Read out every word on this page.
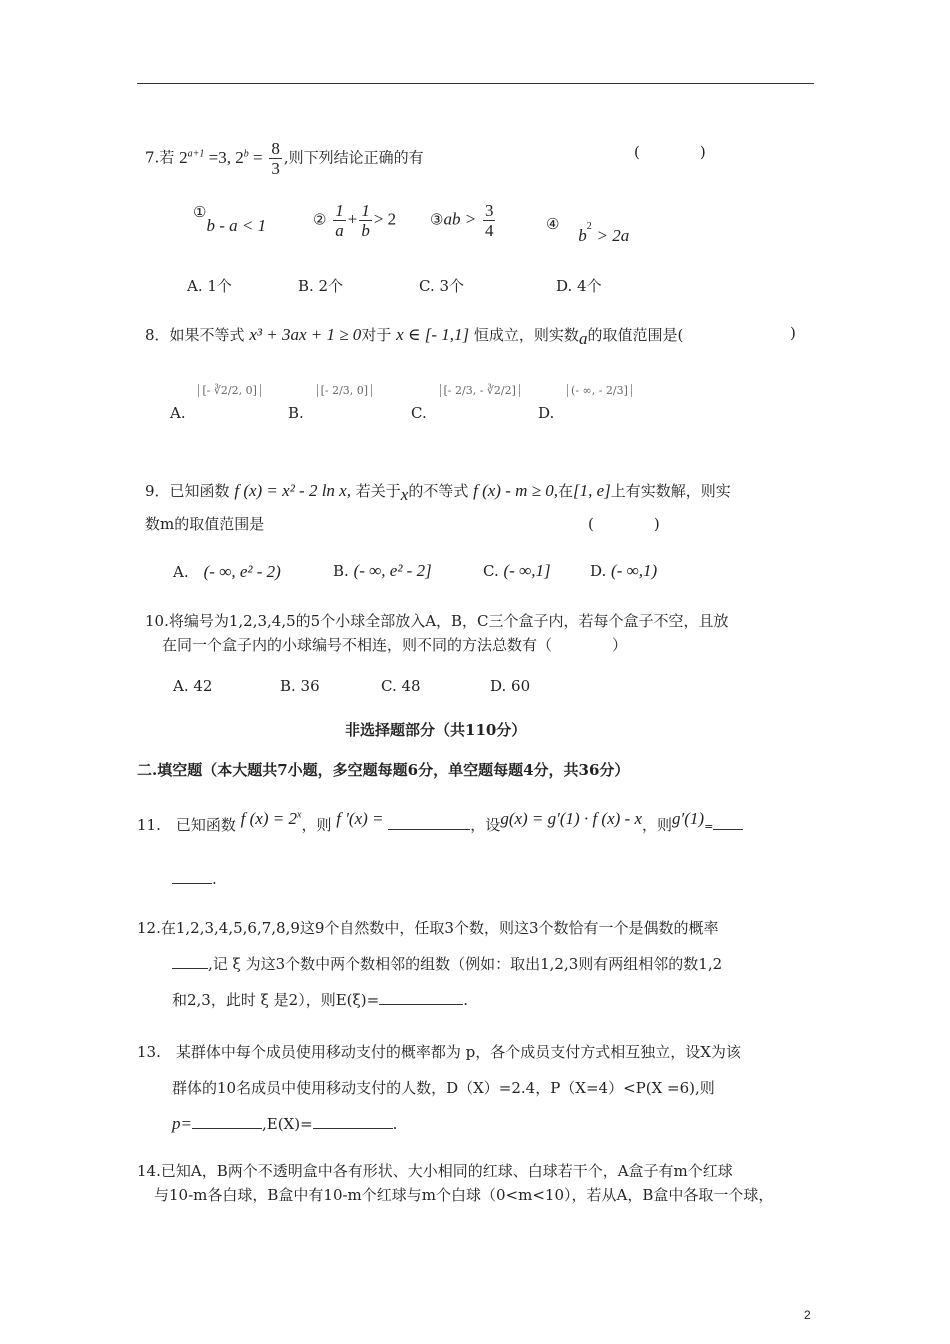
7.若 $2^{a+1} =3$, $2^b = \frac{8}{3}$ ,则下列结论正确的有	(　　　　)
①b - a < 1	② $\frac{1}{a} + \frac{1}{b} > 2$ ③ab > $\frac{3}{4}$	④ $b^2 > 2a$
A. 1个	B. 2个	C. 3个	D. 4个
8．如果不等式 x³ + 3ax + 1 ≥ 0对于 x ∈ [- 1,1] 恒成立，则实数a的取值范围是(	)
A. [- ∛2/2, 0]
B. [- 2/3, 0]
C. [- 2/3, - ∛2/2]
D. (- ∞, - 2/3]
9．已知函数 f (x) = x² - 2 ln x, 若关于x的不等式 f (x) - m ≥ 0,在[1, e]上有实数解，则实
数m的取值范围是	(　　　　)
A.　 (- ∞, e² - 2)	B. (- ∞, e² - 2]	C. (- ∞,1]	D. (- ∞,1)
10.将编号为1,2,3,4,5的5个小球全部放入A，B，C三个盒子内，若每个盒子不空，且放
在同一个盒子内的小球编号不相连，则不同的方法总数有（　　　　）
A. 42	B. 36	C. 48	D. 60
非选择题部分（共110分）
二.填空题（本大题共7小题，多空题每题6分，单空题每题4分，共36分）
11.　 已知函数 f $(x) = 2^x$，则 f ′(x) =	，设g(x) = g′(1) · f (x) - x，则g′(1)=
.
12.在1,2,3,4,5,6,7,8,9这9个自然数中，任取3个数，则这3个数恰有一个是偶数的概率
,记 ξ 为这3个数中两个数相邻的组数（例如：取出1,2,3则有两组相邻的数1,2
和2,3，此时 ξ 是2），则E(ξ)=	.
13.　某群体中每个成员使用移动支付的概率都为 p，各个成员支付方式相互独立，设X为该
群体的10名成员中使用移动支付的人数，D（X）=2.4，P（X=4）<P(X =6),则
p=	,E(X)=	.
14.已知A，B两个不透明盒中各有形状、大小相同的红球、白球若干个，A盒子有m个红球
与10-m各白球，B盒中有10-m个红球与m个白球（0<m<10），若从A，B盒中各取一个球，
2
